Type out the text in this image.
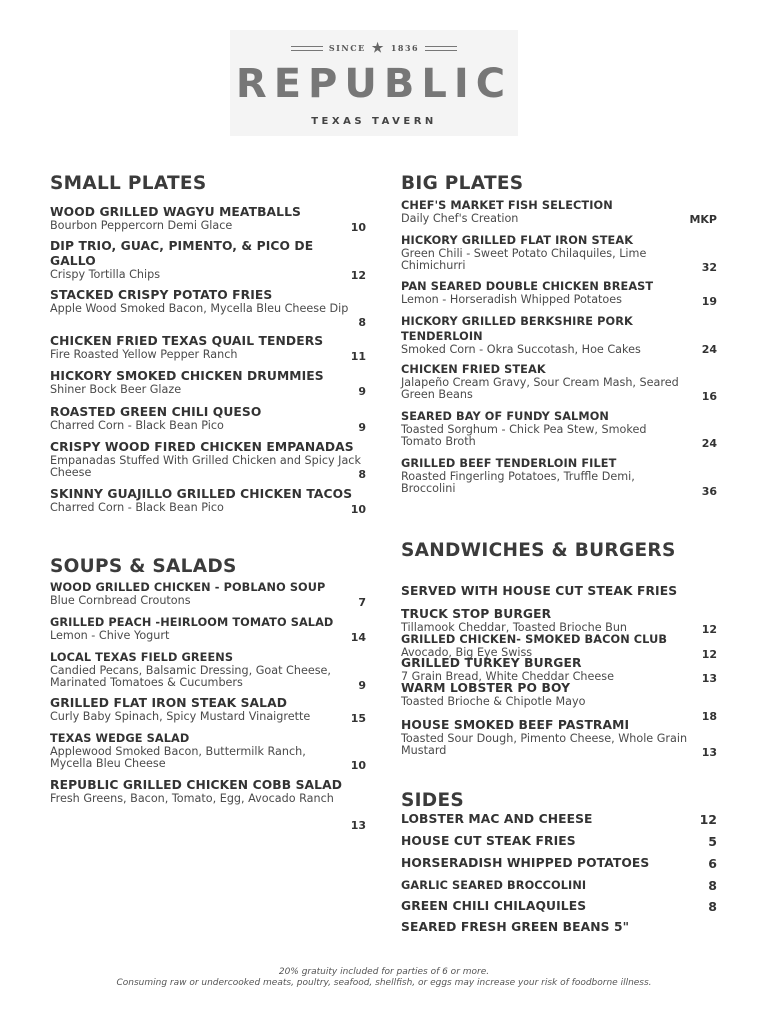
SINCE ★ 1836
REPUBLIC
TEXAS TAVERN
SMALL PLATES
WOOD GRILLED WAGYU MEATBALLS
Bourbon Peppercorn Demi Glace	10
DIP TRIO, GUAC, PIMENTO, & PICO DE GALLO
Crispy Tortilla Chips	12
STACKED CRISPY POTATO FRIES
Apple Wood Smoked Bacon, Mycella Bleu Cheese Dip
8
CHICKEN FRIED TEXAS QUAIL TENDERS
Fire Roasted Yellow Pepper Ranch	11
HICKORY SMOKED CHICKEN DRUMMIES
Shiner Bock Beer Glaze	9
ROASTED GREEN CHILI QUESO
Charred Corn - Black Bean Pico	9
CRISPY WOOD FIRED CHICKEN EMPANADAS
Empanadas Stuffed With Grilled Chicken and Spicy Jack Cheese	8
SKINNY GUAJILLO GRILLED CHICKEN TACOS
Charred Corn - Black Bean Pico	10
SOUPS & SALADS
WOOD GRILLED CHICKEN - POBLANO SOUP
Blue Cornbread Croutons	7
GRILLED PEACH -HEIRLOOM TOMATO SALAD
Lemon - Chive Yogurt	14
LOCAL TEXAS FIELD GREENS
Candied Pecans, Balsamic Dressing, Goat Cheese, Marinated Tomatoes & Cucumbers	9
GRILLED FLAT IRON STEAK SALAD
Curly Baby Spinach, Spicy Mustard Vinaigrette	15
TEXAS WEDGE SALAD
Applewood Smoked Bacon, Buttermilk Ranch, Mycella Bleu Cheese	10
REPUBLIC GRILLED CHICKEN COBB SALAD
Fresh Greens, Bacon, Tomato, Egg, Avocado Ranch
13
BIG PLATES
CHEF'S MARKET FISH SELECTION
Daily Chef's Creation	MKP
HICKORY GRILLED FLAT IRON STEAK
Green Chili - Sweet Potato Chilaquiles, Lime Chimichurri	32
PAN SEARED DOUBLE CHICKEN BREAST
Lemon - Horseradish Whipped Potatoes	19
HICKORY GRILLED BERKSHIRE PORK TENDERLOIN
Smoked Corn - Okra Succotash, Hoe Cakes	24
CHICKEN FRIED STEAK
Jalapeño Cream Gravy, Sour Cream Mash, Seared Green Beans	16
SEARED BAY OF FUNDY SALMON
Toasted Sorghum - Chick Pea Stew, Smoked Tomato Broth	24
GRILLED BEEF TENDERLOIN FILET
Roasted Fingerling Potatoes, Truffle Demi, Broccolini	36
SANDWICHES & BURGERS
SERVED WITH HOUSE CUT STEAK FRIES
TRUCK STOP BURGER
Tillamook Cheddar, Toasted Brioche Bun	12
GRILLED CHICKEN- SMOKED BACON CLUB
Avocado, Big Eye Swiss	12
GRILLED TURKEY BURGER
7 Grain Bread, White Cheddar Cheese	13
WARM LOBSTER PO BOY
Toasted Brioche & Chipotle Mayo
18
HOUSE SMOKED BEEF PASTRAMI
Toasted Sour Dough, Pimento Cheese, Whole Grain Mustard	13
SIDES
LOBSTER MAC AND CHEESE	12
HOUSE CUT STEAK FRIES	5
HORSERADISH WHIPPED POTATOES	6
GARLIC SEARED BROCCOLINI	8
GREEN CHILI CHILAQUILES	8
SEARED FRESH GREEN BEANS 5"
20% gratuity included for parties of 6 or more.
Consuming raw or undercooked meats, poultry, seafood, shellfish, or eggs may increase your risk of foodborne illness.
